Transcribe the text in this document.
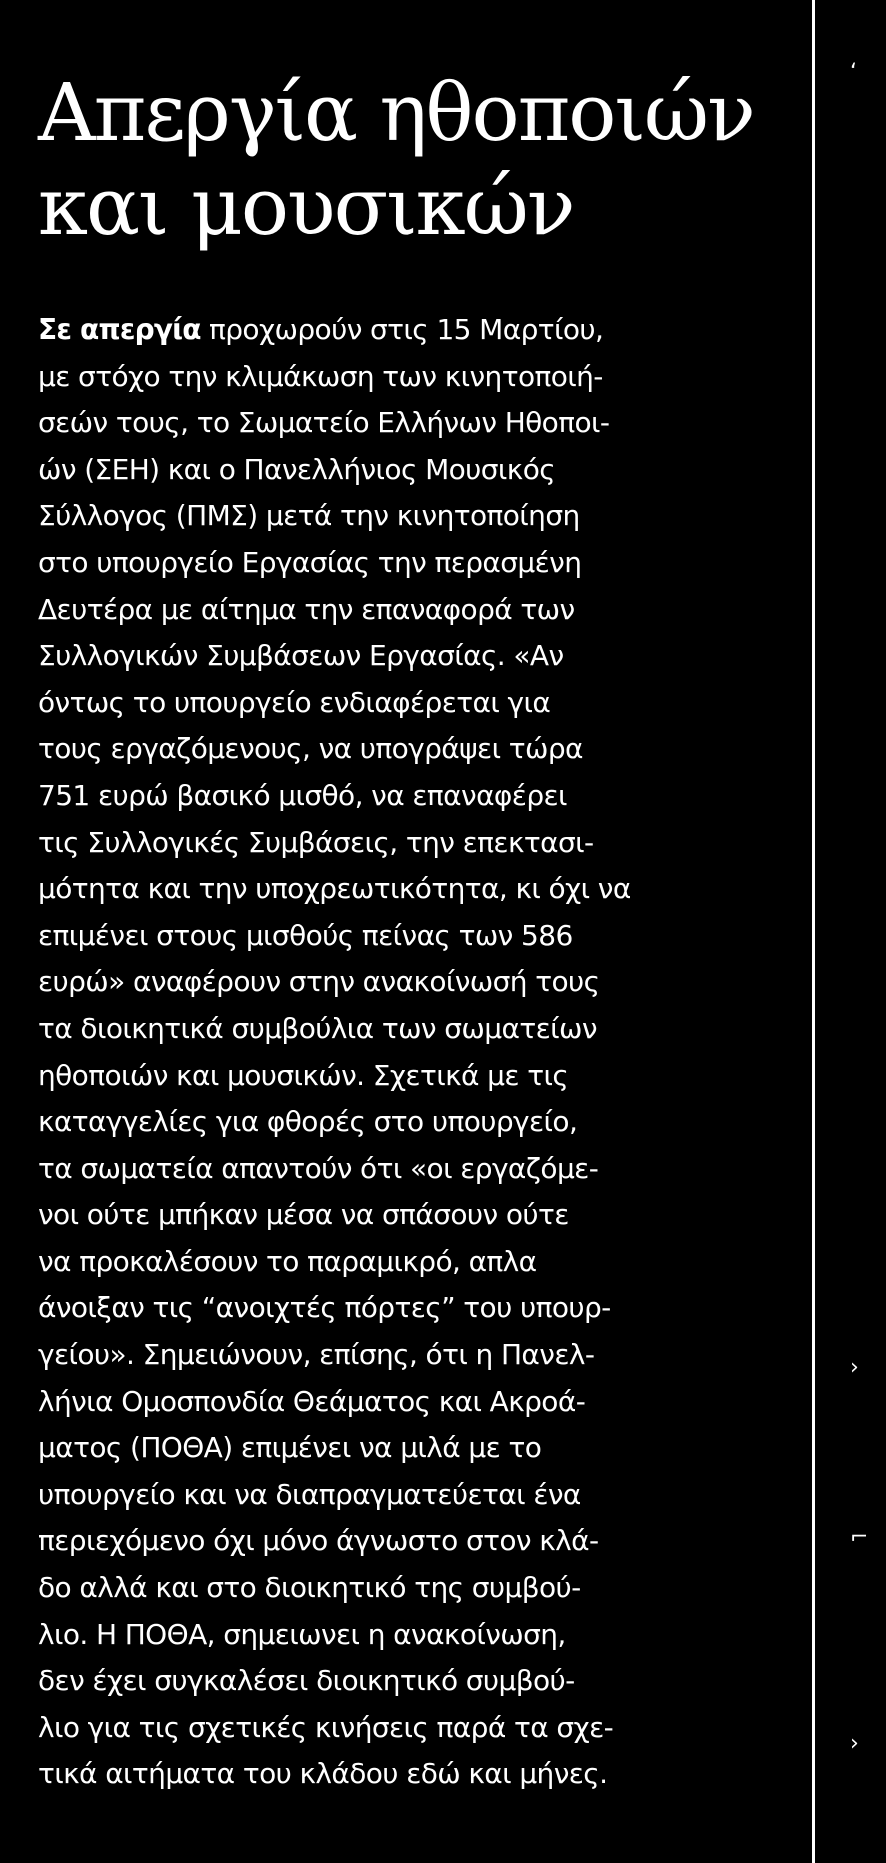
Απεργία ηθοποιών
και μουσικών
Σε απεργία προχωρούν στις 15 Μαρτίου,
με στόχο την κλιμάκωση των κινητοποιή-
σεών τους, το Σωματείο Ελλήνων Ηθοποι-
ών (ΣΕΗ) και ο Πανελλήνιος Μουσικός
Σύλλογος (ΠΜΣ) μετά την κινητοποίηση
στο υπουργείο Εργασίας την περασμένη
Δευτέρα με αίτημα την επαναφορά των
Συλλογικών Συμβάσεων Εργασίας. «Αν
όντως το υπουργείο ενδιαφέρεται για
τους εργαζόμενους, να υπογράψει τώρα
751 ευρώ βασικό μισθό, να επαναφέρει
τις Συλλογικές Συμβάσεις, την επεκτασι-
μότητα και την υποχρεωτικότητα, κι όχι να
επιμένει στους μισθούς πείνας των 586
ευρώ» αναφέρουν στην ανακοίνωσή τους
τα διοικητικά συμβούλια των σωματείων
ηθοποιών και μουσικών. Σχετικά με τις
καταγγελίες για φθορές στο υπουργείο,
τα σωματεία απαντούν ότι «οι εργαζόμε-
νοι ούτε μπήκαν μέσα να σπάσουν ούτε
να προκαλέσουν το παραμικρό, απλα
άνοιξαν τις “ανοιχτές πόρτες” του υπουρ-
γείου». Σημειώνουν, επίσης, ότι η Πανελ-
λήνια Ομοσπονδία Θεάματος και Ακροά-
ματος (ΠΟΘΑ) επιμένει να μιλά με το
υπουργείο και να διαπραγματεύεται ένα
περιεχόμενο όχι μόνο άγνωστο στον κλά-
δο αλλά και στο διοικητικό της συμβού-
λιο. Η ΠΟΘΑ, σημειωνει η ανακοίνωση,
δεν έχει συγκαλέσει διοικητικό συμβού-
λιο για τις σχετικές κινήσεις παρά τα σχε-
τικά αιτήματα του κλάδου εδώ και μήνες.
‘
›
⌐
›
